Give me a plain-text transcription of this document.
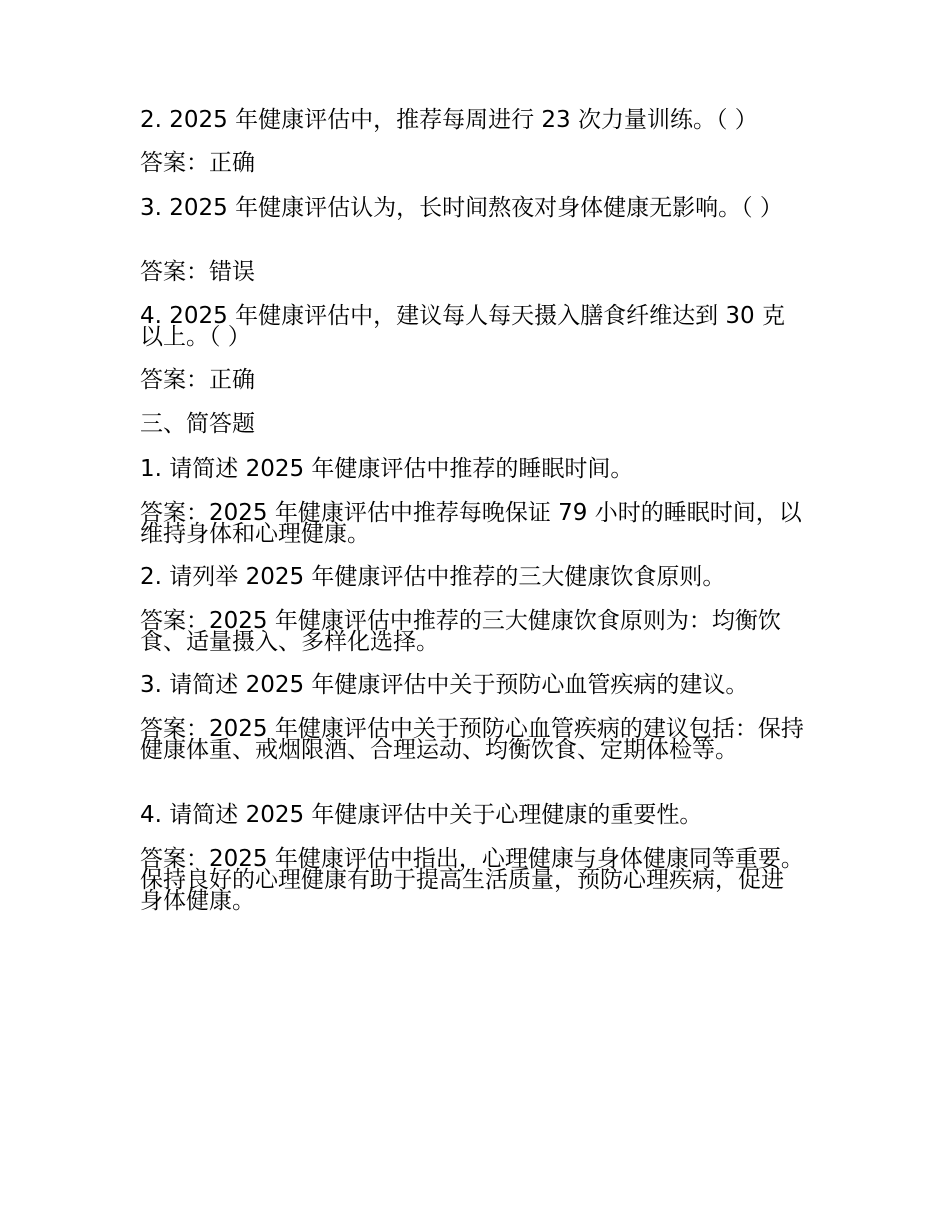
2. 2025 年健康评估中，推荐每周进行 23 次力量训练。（ ）

答案：正确

3. 2025 年健康评估认为，长时间熬夜对身体健康无影响。（ ）

答案：错误

4. 2025 年健康评估中，建议每人每天摄入膳食纤维达到 30 克以上。（ ）

答案：正确

三、简答题

1. 请简述 2025 年健康评估中推荐的睡眠时间。

答案：2025 年健康评估中推荐每晚保证 79 小时的睡眠时间，以维持身体和心理健康。

2. 请列举 2025 年健康评估中推荐的三大健康饮食原则。

答案：2025 年健康评估中推荐的三大健康饮食原则为：均衡饮食、适量摄入、多样化选择。

3. 请简述 2025 年健康评估中关于预防心血管疾病的建议。

答案：2025 年健康评估中关于预防心血管疾病的建议包括：保持健康体重、戒烟限酒、合理运动、均衡饮食、定期体检等。

4. 请简述 2025 年健康评估中关于心理健康的重要性。

答案：2025 年健康评估中指出，心理健康与身体健康同等重要。保持良好的心理健康有助于提高生活质量，预防心理疾病，促进身体健康。
